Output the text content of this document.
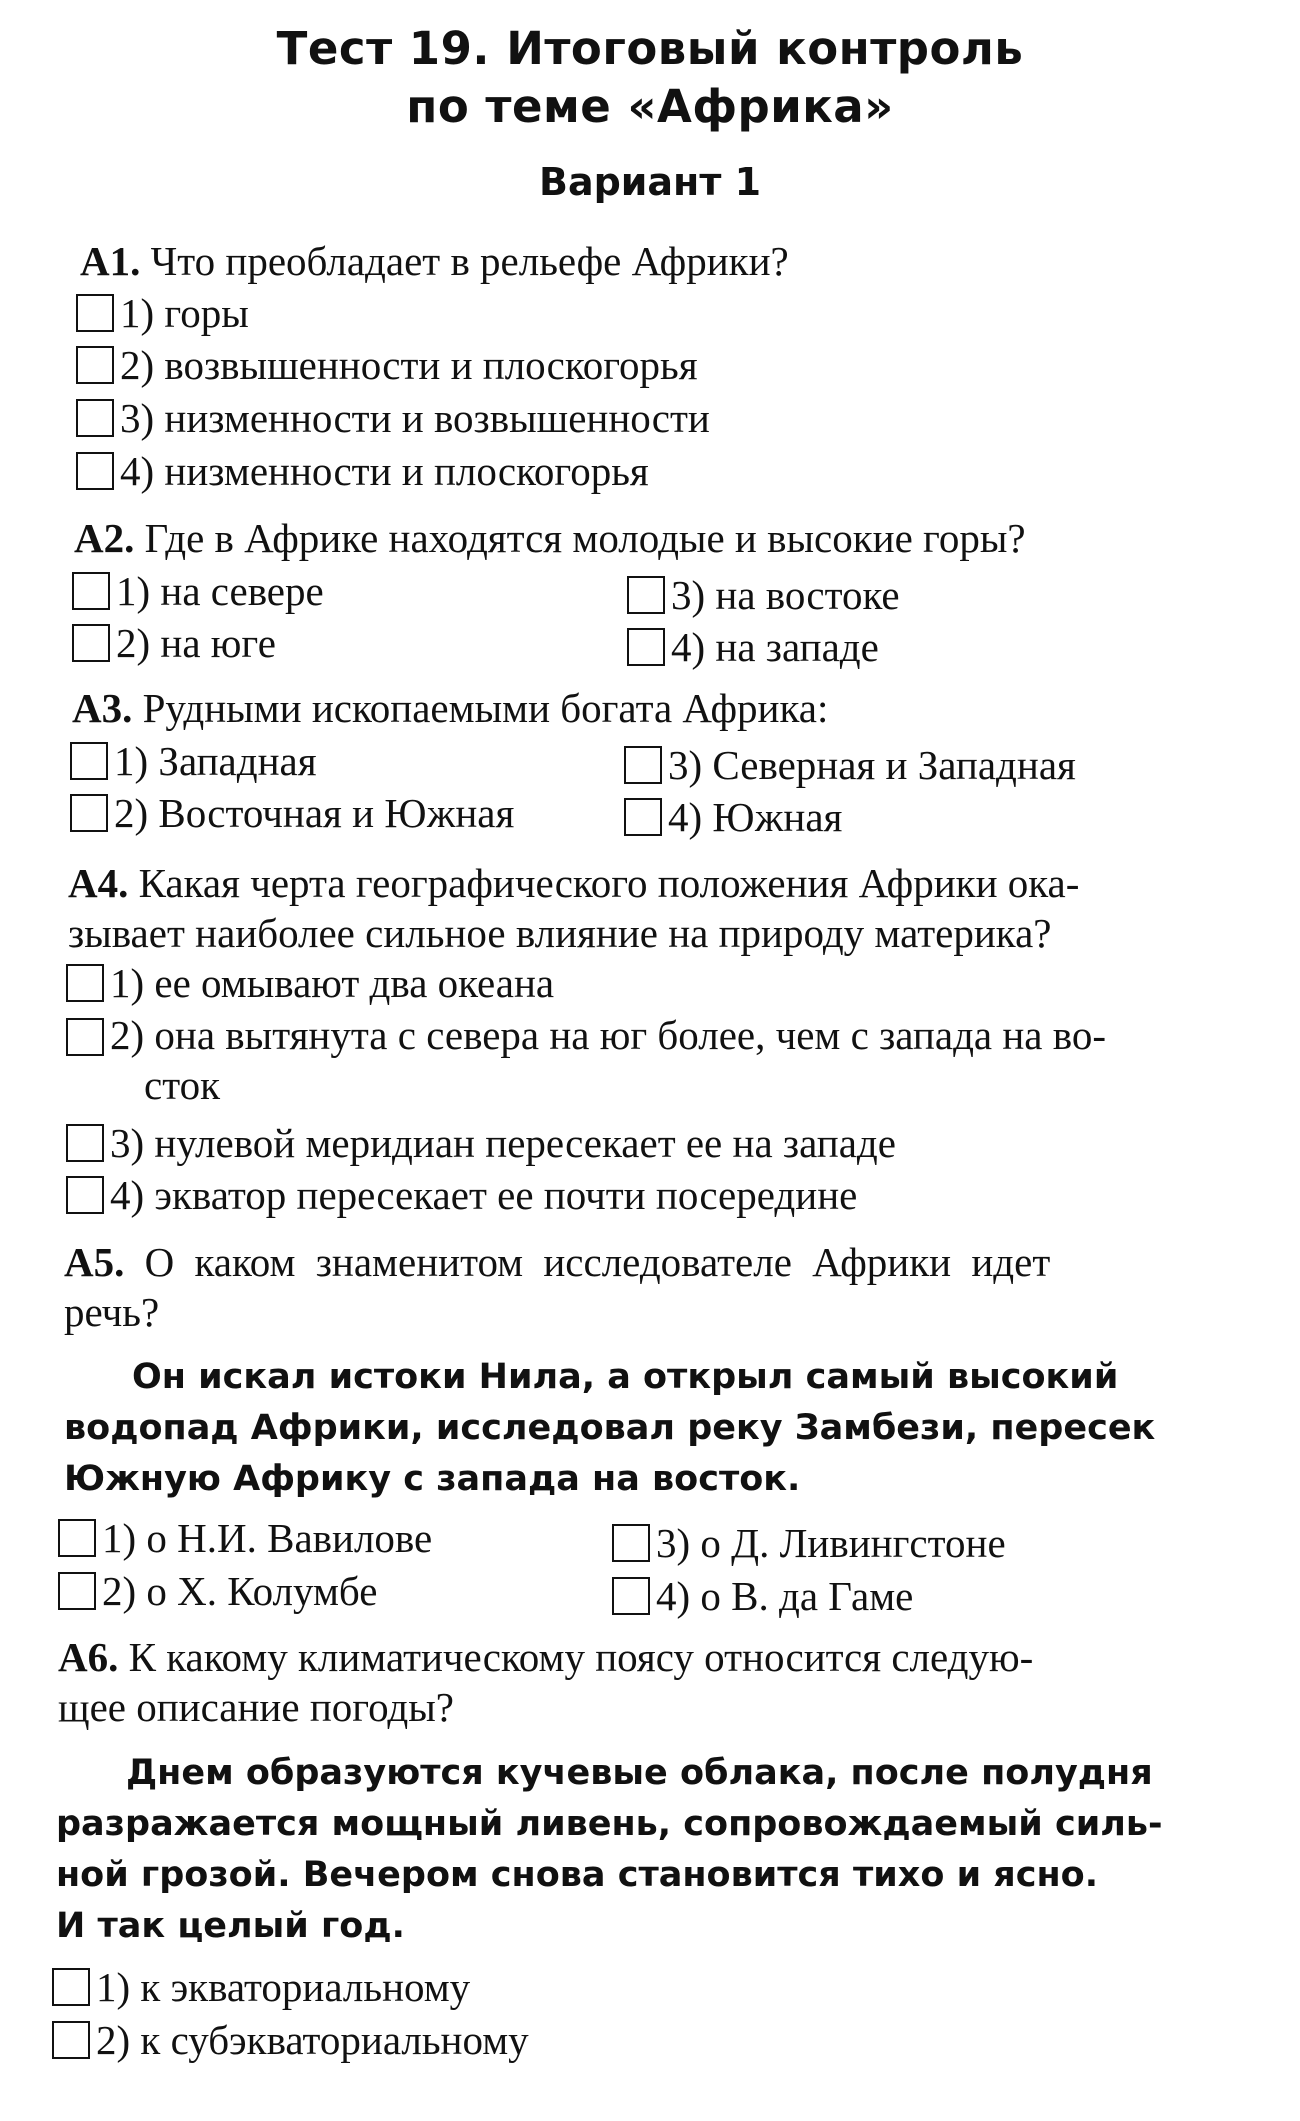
Тест 19. Итоговый контроль
по теме «Африка»
Вариант 1
А1. Что преобладает в рельефе Африки?
1) горы
2) возвышенности и плоскогорья
3) низменности и возвышенности
4) низменности и плоскогорья
А2. Где в Африке находятся молодые и высокие горы?
1) на севере
2) на юге
3) на востоке
4) на западе
А3. Рудными ископаемыми богата Африка:
1) Западная
2) Восточная и Южная
3) Северная и Западная
4) Южная
А4. Какая черта географического положения Африки ока-
зывает наиболее сильное влияние на природу материка?
1) ее омывают два океана
2) она вытянута с севера на юг более, чем с запада на во-
сток
3) нулевой меридиан пересекает ее на западе
4) экватор пересекает ее почти посередине
А5. О каком знаменитом исследователе Африки идет
речь?
Он искал истоки Нила, а открыл самый высокий
водопад Африки, исследовал реку Замбези, пересек
Южную Африку с запада на восток.
1) о Н.И. Вавилове
2) о Х. Колумбе
3) о Д. Ливингстоне
4) о В. да Гаме
А6. К какому климатическому поясу относится следую-
щее описание погоды?
Днем образуются кучевые облака, после полудня
разражается мощный ливень, сопровождаемый силь-
ной грозой. Вечером снова становится тихо и ясно.
И так целый год.
1) к экваториальному
2) к субэкваториальному
